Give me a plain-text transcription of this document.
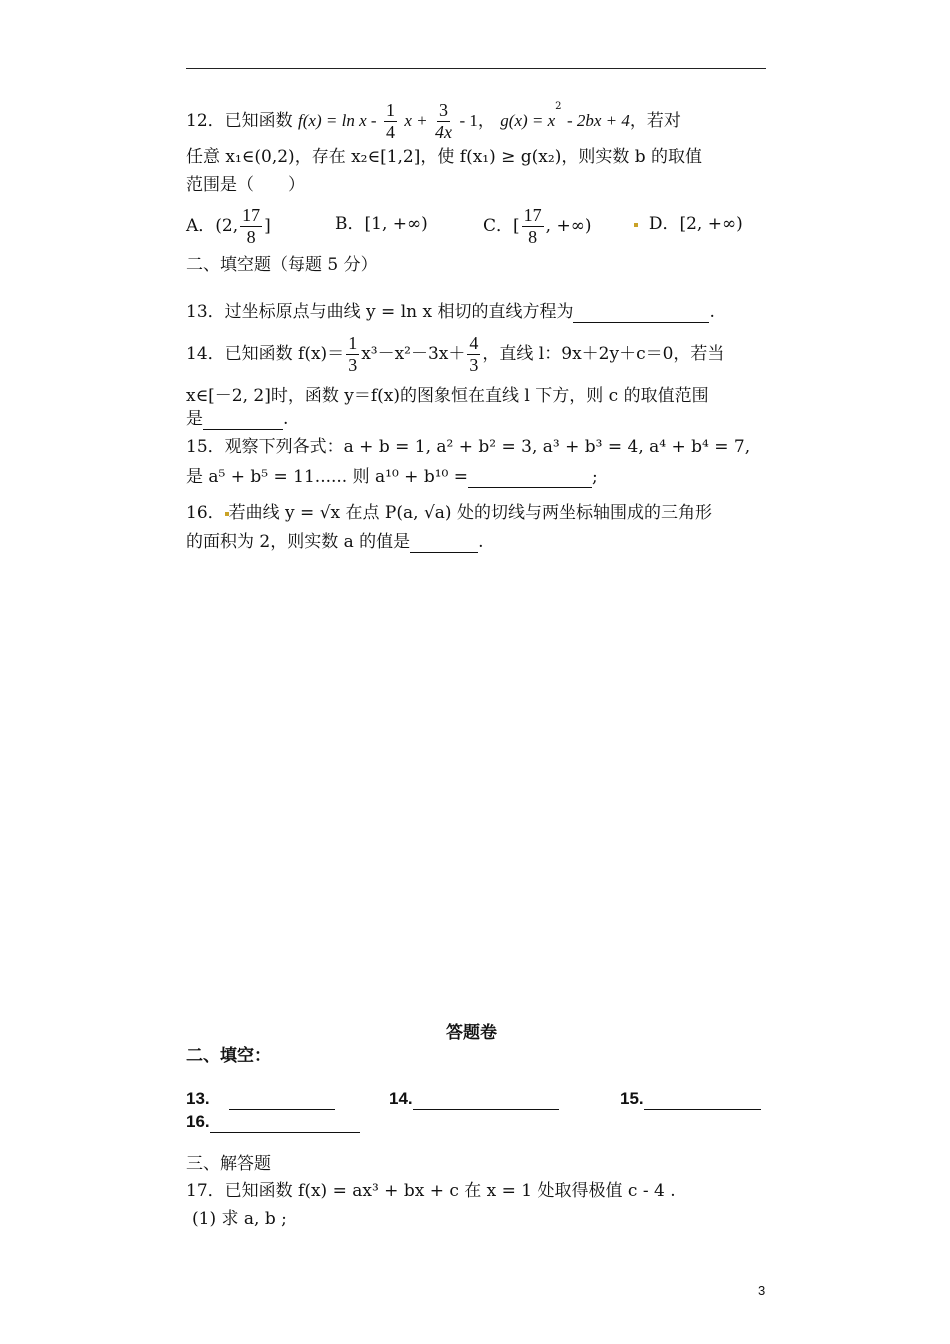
12．已知函数 $f(x) = \ln x - \frac{1}{4}$ $x + \frac{3}{4x} - 1$， $g(x) = x^2 - 2bx + 4$，若对
任意 x₁∈(0,2)，存在 x₂∈[1,2]，使 f(x₁) ≥ g(x₂)，则实数 b 的取值
范围是（　　）
A．(2, $\frac{17}{8}$ ]	B．[1, +∞)	C．[ $\frac{17}{8}$ , +∞)	D．[2, +∞)
二、填空题（每题 5 分）
13．过坐标原点与曲线 y = ln x 相切的直线方程为	.
14．已知函数 $f(x)= \frac{1}{3} x^3-x^2-3x+ \frac{4}{3}$ ，直线 l：9x＋2y＋c＝0，若当
x∈[－2, 2]时，函数 y＝f(x)的图象恒在直线 l 下方，则 c 的取值范围
是	.
15．观察下列各式：a + b = 1, a² + b² = 3, a³ + b³ = 4, a⁴ + b⁴ = 7,
是 a⁵ + b⁵ = 11...... 则 a¹⁰ + b¹⁰ =	;
16． 若曲线 y = √x 在点 P(a, √a) 处的切线与两坐标轴围成的三角形
的面积为 2，则实数 a 的值是	.
答题卷
二、填空：
13.	14.	15.
16.
三、解答题
17．已知函数 f(x) = ax³ + bx + c 在 x = 1 处取得极值 c - 4 .
(1) 求 a, b ;
3
